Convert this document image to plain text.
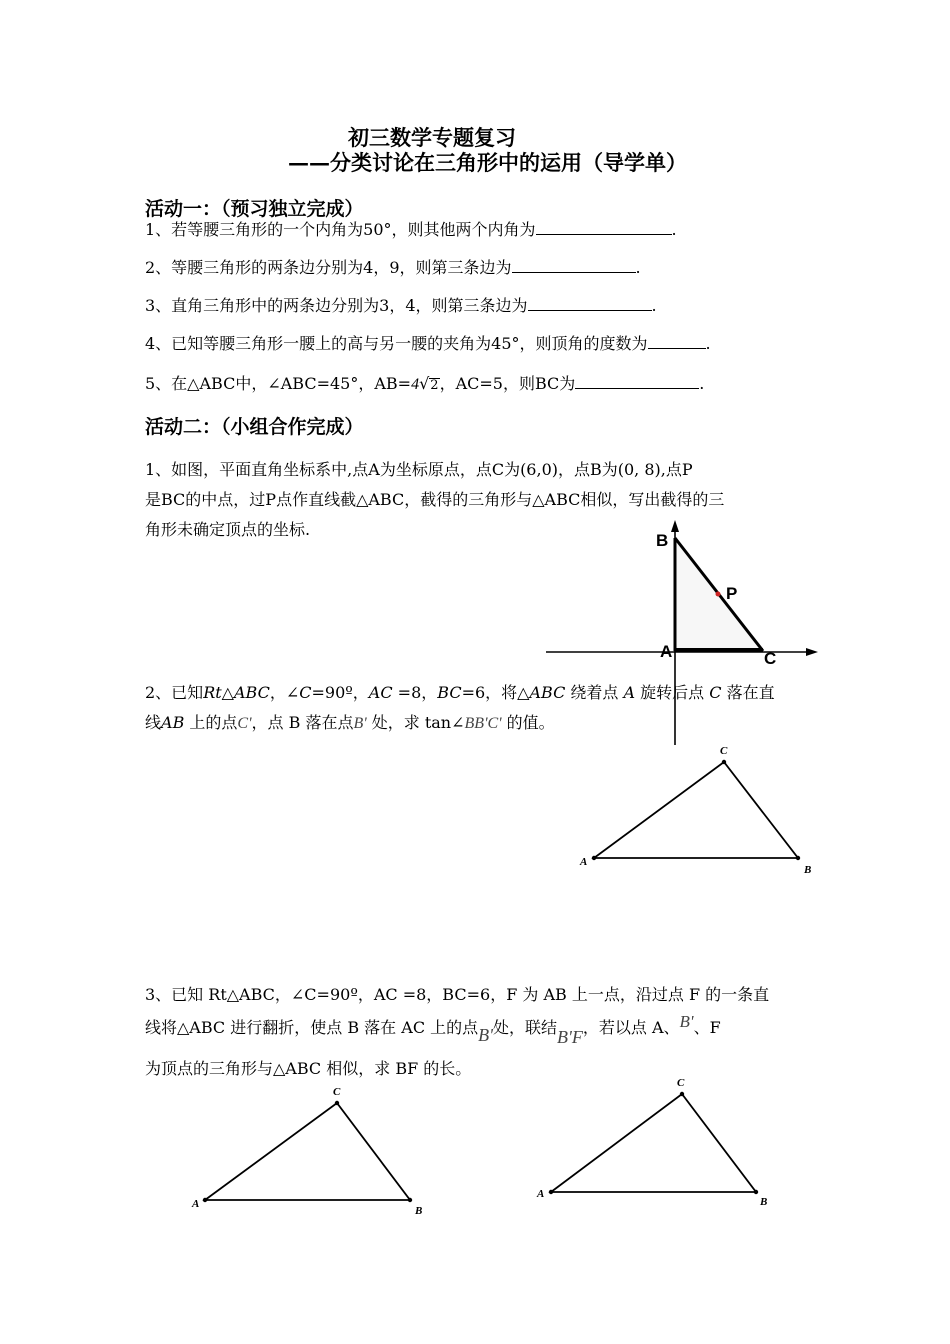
初三数学专题复习
——分类讨论在三角形中的运用（导学单）
活动一：（预习独立完成）
1、若等腰三角形的一个内角为50°，则其他两个内角为	.
2、等腰三角形的两条边分别为4，9，则第三条边为	.
3、直角三角形中的两条边分别为3，4，则第三条边为	.
4、已知等腰三角形一腰上的高与另一腰的夹角为45°，则顶角的度数为	.
5、在△ABC中，∠ABC=45°，AB=4√2，AC=5，则BC为	.
活动二：（小组合作完成）
1、如图，平面直角坐标系中,点A为坐标原点，点C为(6,0)，点B为(0, 8),点P
是BC的中点，过P点作直线截△ABC，截得的三角形与△ABC相似，写出截得的三
角形未确定顶点的坐标.
B
P
A	C
2、已知Rt△ABC，∠C=90º，AC =8，BC=6，将△ABC 绕着点 A 旋转后点 C 落在直
线AB 上的点C'，点 B 落在点B' 处，求 tan∠BB'C' 的值。
A
C
B
3、已知 Rt△ABC，∠C=90º，AC =8，BC=6，F 为 AB 上一点，沿过点 F 的一条直
线将△ABC 进行翻折，使点 B 落在 AC 上的点B'处，联结B'F，若以点 A、B'、F
为顶点的三角形与△ABC 相似，求 BF 的长。
A
C
B
A
C
B
